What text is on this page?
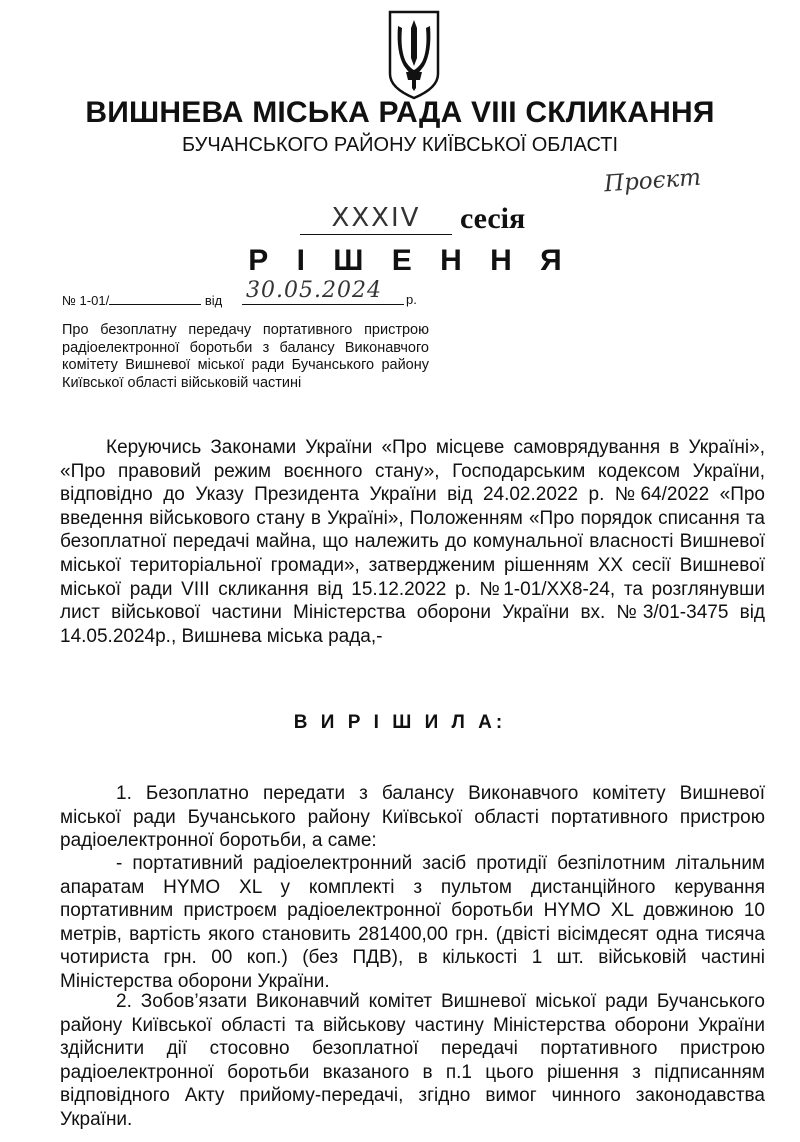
ВИШНЕВА МІСЬКА РАДА VIII СКЛИКАННЯ
БУЧАНСЬКОГО РАЙОНУ КИЇВСЬКОЇ ОБЛАСТІ
Проєкт
XXXIV	сесія
Р І Ш Е Н Н Я
№ 1-01/	від 30.05.2024 р.
Про безоплатну передачу портативного пристрою радіоелектронної боротьби з балансу Виконавчого комітету Вишневої міської ради Бучанського району Київської області військовій частині
Керуючись Законами України «Про місцеве самоврядування в Україні», «Про правовий режим воєнного стану», Господарським кодексом України, відповідно до Указу Президента України від 24.02.2022 р. №64/2022 «Про введення військового стану в Україні», Положенням «Про порядок списання та безоплатної передачі майна, що належить до комунальної власності Вишневої міської територіальної громади», затвердженим рішенням XX сесії Вишневої міської ради VIII скликання від 15.12.2022 р. №1-01/XX8-24, та розглянувши лист військової частини Міністерства оборони України вх. №3/01-3475 від 14.05.2024р., Вишнева міська рада,-
В И Р І Ш И Л А:
1. Безоплатно передати з балансу Виконавчого комітету Вишневої міської ради Бучанського району Київської області портативного пристрою радіоелектронної боротьби, а саме:
- портативний радіоелектронний засіб протидії безпілотним літальним апаратам HYMO XL у комплекті з пультом дистанційного керування портативним пристроєм радіоелектронної боротьби HYMO XL довжиною 10 метрів, вартість якого становить 281400,00 грн. (двісті вісімдесят одна тисяча чотириста грн. 00 коп.) (без ПДВ), в кількості 1 шт. військовій частині Міністерства оборони України.
2. Зобов’язати Виконавчий комітет Вишневої міської ради Бучанського району Київської області та військову частину Міністерства оборони України здійснити дії стосовно безоплатної передачі портативного пристрою радіоелектронної боротьби вказаного в п.1 цього рішення з підписанням відповідного Акту прийому-передачі, згідно вимог чинного законодавства України.
